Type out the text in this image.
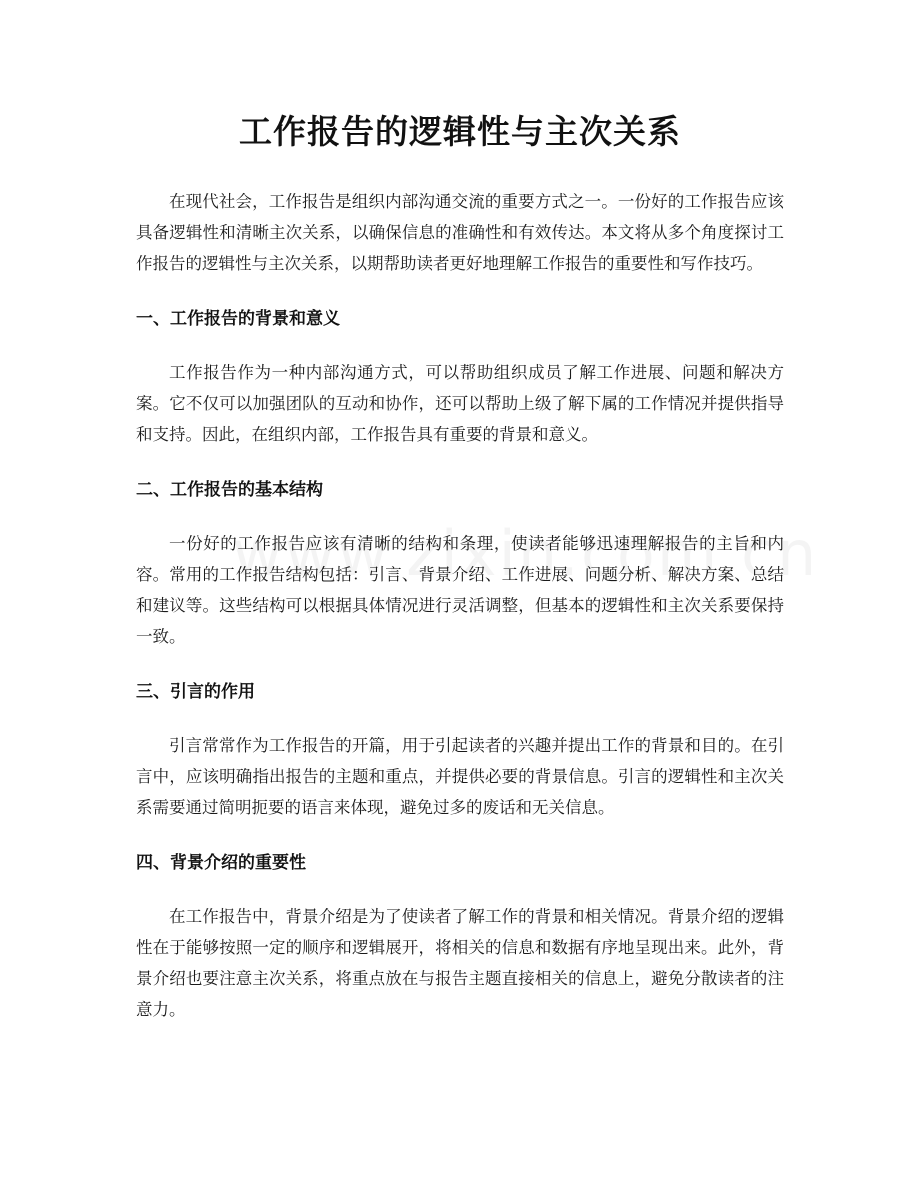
工作报告的逻辑性与主次关系

在现代社会，工作报告是组织内部沟通交流的重要方式之一。一份好的工作报告应该具备逻辑性和清晰主次关系，以确保信息的准确性和有效传达。本文将从多个角度探讨工作报告的逻辑性与主次关系，以期帮助读者更好地理解工作报告的重要性和写作技巧。

一、工作报告的背景和意义

工作报告作为一种内部沟通方式，可以帮助组织成员了解工作进展、问题和解决方案。它不仅可以加强团队的互动和协作，还可以帮助上级了解下属的工作情况并提供指导和支持。因此，在组织内部，工作报告具有重要的背景和意义。

二、工作报告的基本结构

一份好的工作报告应该有清晰的结构和条理，使读者能够迅速理解报告的主旨和内容。常用的工作报告结构包括：引言、背景介绍、工作进展、问题分析、解决方案、总结和建议等。这些结构可以根据具体情况进行灵活调整，但基本的逻辑性和主次关系要保持一致。

三、引言的作用

引言常常作为工作报告的开篇，用于引起读者的兴趣并提出工作的背景和目的。在引言中，应该明确指出报告的主题和重点，并提供必要的背景信息。引言的逻辑性和主次关系需要通过简明扼要的语言来体现，避免过多的废话和无关信息。

四、背景介绍的重要性

在工作报告中，背景介绍是为了使读者了解工作的背景和相关情况。背景介绍的逻辑性在于能够按照一定的顺序和逻辑展开，将相关的信息和数据有序地呈现出来。此外，背景介绍也要注意主次关系，将重点放在与报告主题直接相关的信息上，避免分散读者的注意力。
